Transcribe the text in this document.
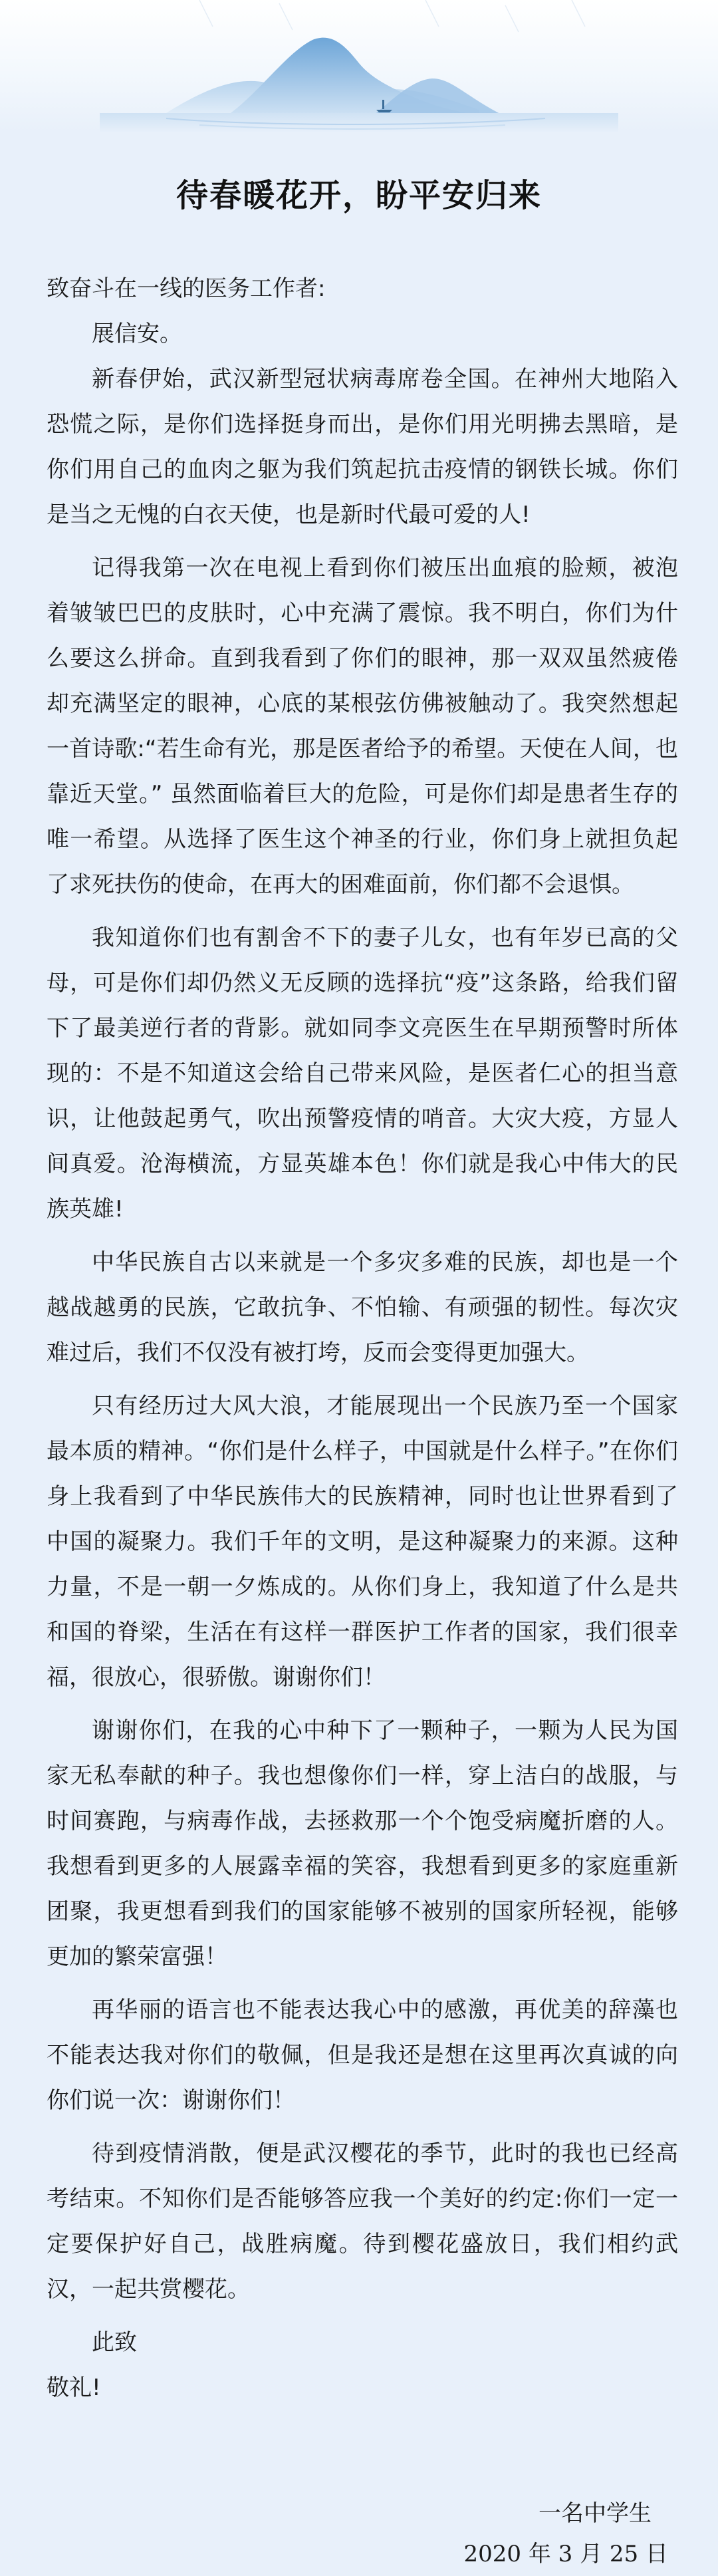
待春暖花开，盼平安归来

致奋斗在一线的医务工作者:

展信安。

新春伊始，武汉新型冠状病毒席卷全国。在神州大地陷入恐慌之际，是你们选择挺身而出，是你们用光明拂去黑暗，是你们用自己的血肉之躯为我们筑起抗击疫情的钢铁长城。你们是当之无愧的白衣天使，也是新时代最可爱的人!

记得我第一次在电视上看到你们被压出血痕的脸颊，被泡着皱皱巴巴的皮肤时，心中充满了震惊。我不明白，你们为什么要这么拼命。直到我看到了你们的眼神，那一双双虽然疲倦却充满坚定的眼神，心底的某根弦仿佛被触动了。我突然想起一首诗歌:“若生命有光，那是医者给予的希望。天使在人间，也靠近天堂。” 虽然面临着巨大的危险，可是你们却是患者生存的唯一希望。从选择了医生这个神圣的行业，你们身上就担负起了求死扶伤的使命，在再大的困难面前，你们都不会退惧。

我知道你们也有割舍不下的妻子儿女，也有年岁已高的父母，可是你们却仍然义无反顾的选择抗“疫”这条路，给我们留下了最美逆行者的背影。就如同李文亮医生在早期预警时所体现的：不是不知道这会给自己带来风险，是医者仁心的担当意识，让他鼓起勇气，吹出预警疫情的哨音。大灾大疫，方显人间真爱。沧海横流，方显英雄本色！你们就是我心中伟大的民族英雄!

中华民族自古以来就是一个多灾多难的民族，却也是一个越战越勇的民族，它敢抗争、不怕输、有顽强的韧性。每次灾难过后，我们不仅没有被打垮，反而会变得更加强大。

只有经历过大风大浪，才能展现出一个民族乃至一个国家最本质的精神。“你们是什么样子，中国就是什么样子。”在你们身上我看到了中华民族伟大的民族精神，同时也让世界看到了中国的凝聚力。我们千年的文明，是这种凝聚力的来源。这种力量，不是一朝一夕炼成的。从你们身上，我知道了什么是共和国的脊梁，生活在有这样一群医护工作者的国家，我们很幸福，很放心，很骄傲。谢谢你们！

谢谢你们，在我的心中种下了一颗种子，一颗为人民为国家无私奉献的种子。我也想像你们一样，穿上洁白的战服，与时间赛跑，与病毒作战，去拯救那一个个饱受病魔折磨的人。我想看到更多的人展露幸福的笑容，我想看到更多的家庭重新团聚，我更想看到我们的国家能够不被别的国家所轻视，能够更加的繁荣富强！

再华丽的语言也不能表达我心中的感激，再优美的辞藻也不能表达我对你们的敬佩，但是我还是想在这里再次真诚的向你们说一次：谢谢你们！

待到疫情消散，便是武汉樱花的季节，此时的我也已经高考结束。不知你们是否能够答应我一个美好的约定:你们一定一定要保护好自己，战胜病魔。待到樱花盛放日，我们相约武汉，一起共赏樱花。

此致

敬礼!

一名中学生
2020 年 3 月 25 日
